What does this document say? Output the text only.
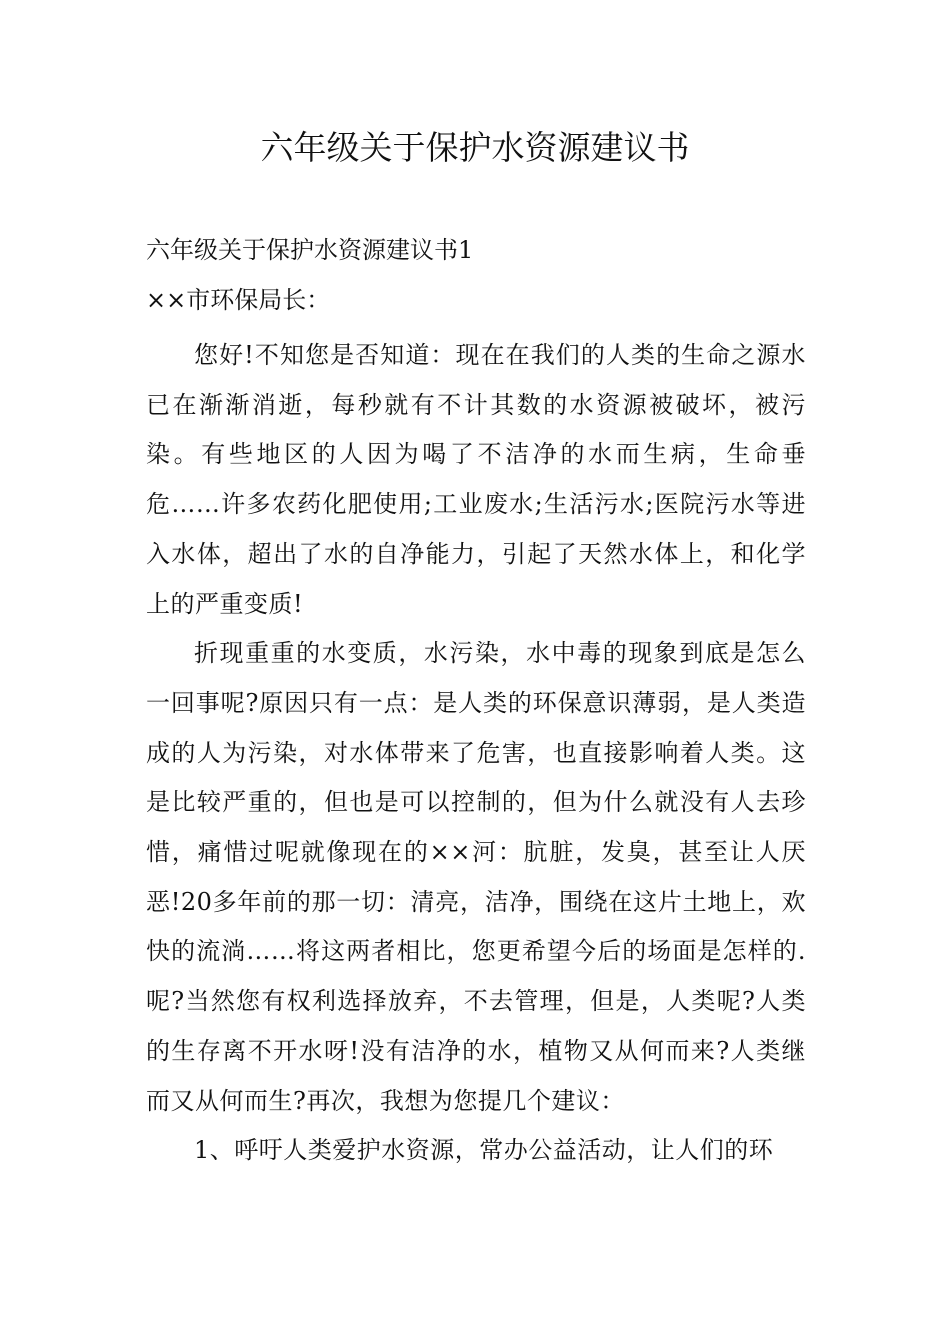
六年级关于保护水资源建议书

六年级关于保护水资源建议书1

××市环保局长：

您好!不知您是否知道：现在在我们的人类的生命之源水已在渐渐消逝，每秒就有不计其数的水资源被破坏，被污染。有些地区的人因为喝了不洁净的水而生病，生命垂危……许多农药化肥使用;工业废水;生活污水;医院污水等进入水体，超出了水的自净能力，引起了天然水体上，和化学上的严重变质!

折现重重的水变质，水污染，水中毒的现象到底是怎么一回事呢?原因只有一点：是人类的环保意识薄弱，是人类造成的人为污染，对水体带来了危害，也直接影响着人类。这是比较严重的，但也是可以控制的，但为什么就没有人去珍惜，痛惜过呢就像现在的××河：肮脏，发臭，甚至让人厌恶!20多年前的那一切：清亮，洁净，围绕在这片土地上，欢快的流淌……将这两者相比，您更希望今后的场面是怎样的.呢?当然您有权利选择放弃，不去管理，但是，人类呢?人类的生存离不开水呀!没有洁净的水，植物又从何而来?人类继而又从何而生?再次，我想为您提几个建议：

1、呼吁人类爱护水资源，常办公益活动，让人们的环
